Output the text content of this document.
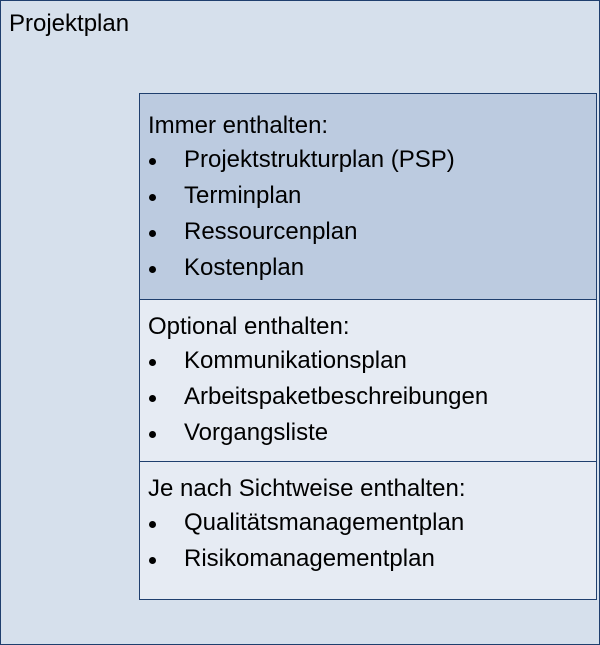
Projektplan
Immer enthalten:
Projektstrukturplan (PSP)
Terminplan
Ressourcenplan
Kostenplan
Optional enthalten:
Kommunikationsplan
Arbeitspaketbeschreibungen
Vorgangsliste
Je nach Sichtweise enthalten:
Qualitätsmanagementplan
Risikomanagementplan
